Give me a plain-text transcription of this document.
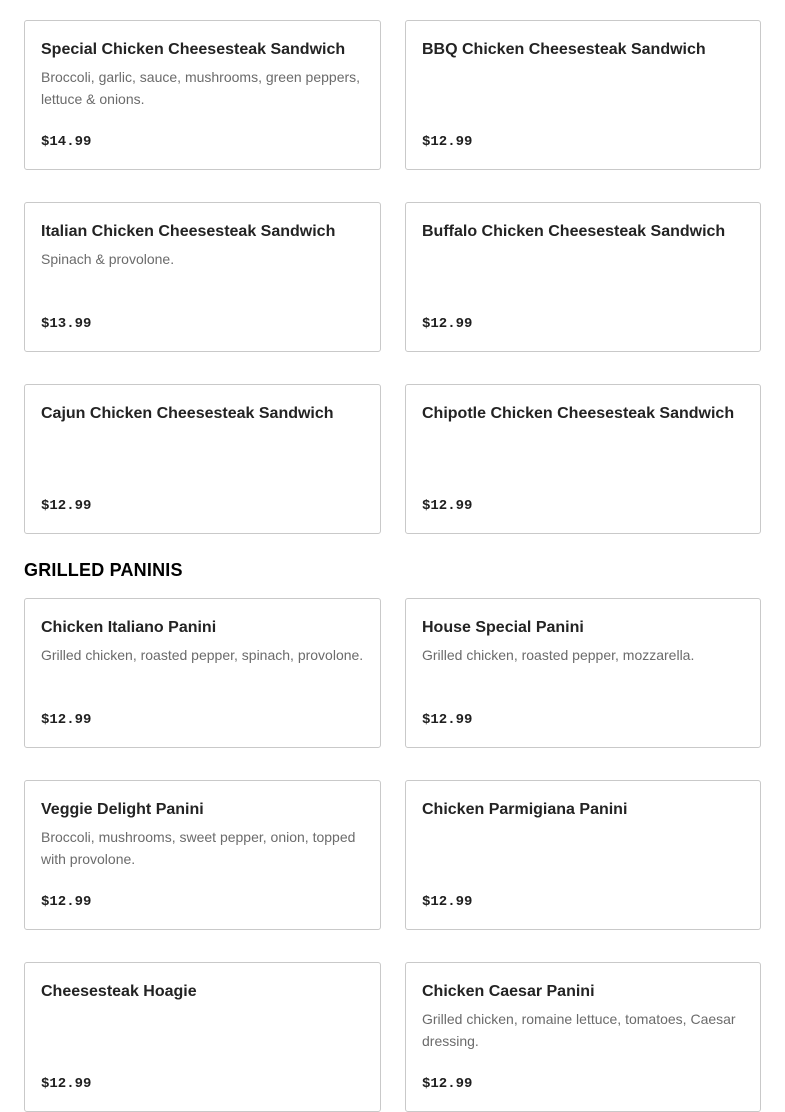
Special Chicken Cheesesteak Sandwich
Broccoli, garlic, sauce, mushrooms, green peppers, lettuce & onions.
$14.99
BBQ Chicken Cheesesteak Sandwich
$12.99
Italian Chicken Cheesesteak Sandwich
Spinach & provolone.
$13.99
Buffalo Chicken Cheesesteak Sandwich
$12.99
Cajun Chicken Cheesesteak Sandwich
$12.99
Chipotle Chicken Cheesesteak Sandwich
$12.99
GRILLED PANINIS
Chicken Italiano Panini
Grilled chicken, roasted pepper, spinach, provolone.
$12.99
House Special Panini
Grilled chicken, roasted pepper, mozzarella.
$12.99
Veggie Delight Panini
Broccoli, mushrooms, sweet pepper, onion, topped with provolone.
$12.99
Chicken Parmigiana Panini
$12.99
Cheesesteak Hoagie
$12.99
Chicken Caesar Panini
Grilled chicken, romaine lettuce, tomatoes, Caesar dressing.
$12.99
